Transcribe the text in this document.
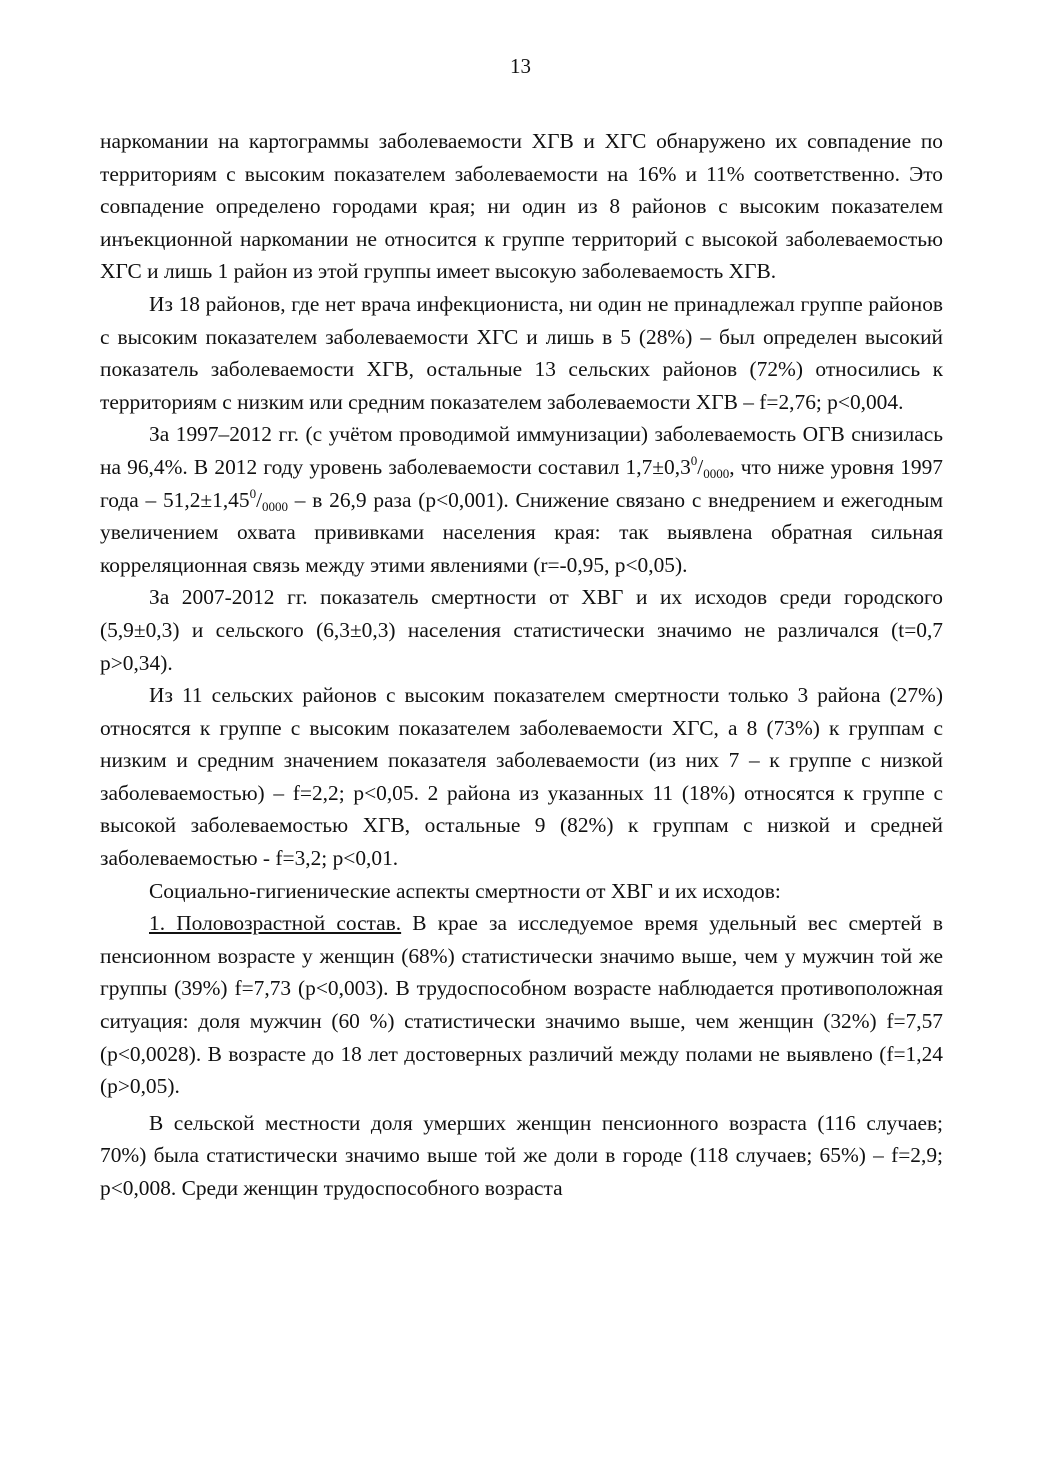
13

наркомании на картограммы заболеваемости ХГВ и ХГС обнаружено их совпадение по территориям с высоким показателем заболеваемости на 16% и 11% соответственно. Это совпадение определено городами края; ни один из 8 районов с высоким показателем инъекционной наркомании не относится к группе территорий с высокой заболеваемостью ХГС и лишь 1 район из этой группы имеет высокую заболеваемость ХГВ.

Из 18 районов, где нет врача инфекциониста, ни один не принадлежал группе районов с высоким показателем заболеваемости ХГС и лишь в 5 (28%) – был определен высокий показатель заболеваемости ХГВ, остальные 13 сельских районов (72%) относились к территориям с низким или средним показателем заболеваемости ХГВ – f=2,76; p<0,004.

За 1997–2012 гг. (с учётом проводимой иммунизации) заболеваемость ОГВ снизилась на 96,4%. В 2012 году уровень заболеваемости составил $1,7\pm 0,3^0/_{0000}$, что ниже уровня 1997 года – $51,2\pm 1,45^0/_{0000} - в$ 26,9 раза (p<0,001). Снижение связано с внедрением и ежегодным увеличением охвата прививками населения края: так выявлена обратная сильная корреляционная связь между этими явлениями (r=-0,95, p<0,05).

За 2007-2012 гг. показатель смертности от ХВГ и их исходов среди городского (5,9±0,3) и сельского (6,3±0,3) населения статистически значимо не различался (t=0,7 p>0,34).

Из 11 сельских районов с высоким показателем смертности только 3 района (27%) относятся к группе с высоким показателем заболеваемости ХГС, а 8 (73%) к группам с низким и средним значением показателя заболеваемости (из них 7 – к группе с низкой заболеваемостью) – f=2,2; p<0,05. 2 района из указанных 11 (18%) относятся к группе с высокой заболеваемостью ХГВ, остальные 9 (82%) к группам с низкой и средней заболеваемостью - f=3,2; p<0,01.

Социально-гигиенические аспекты смертности от ХВГ и их исходов:

1. Половозрастной состав. В крае за исследуемое время удельный вес смертей в пенсионном возрасте у женщин (68%) статистически значимо выше, чем у мужчин той же группы (39%) f=7,73 (p<0,003). В трудоспособном возрасте наблюдается противоположная ситуация: доля мужчин (60 %) статистически значимо выше, чем женщин (32%) f=7,57 (p<0,0028). В возрасте до 18 лет достоверных различий между полами не выявлено (f=1,24 (p>0,05).

В сельской местности доля умерших женщин пенсионного возраста (116 случаев; 70%) была статистически значимо выше той же доли в городе (118 случаев; 65%) – f=2,9; p<0,008. Среди женщин трудоспособного возраста
